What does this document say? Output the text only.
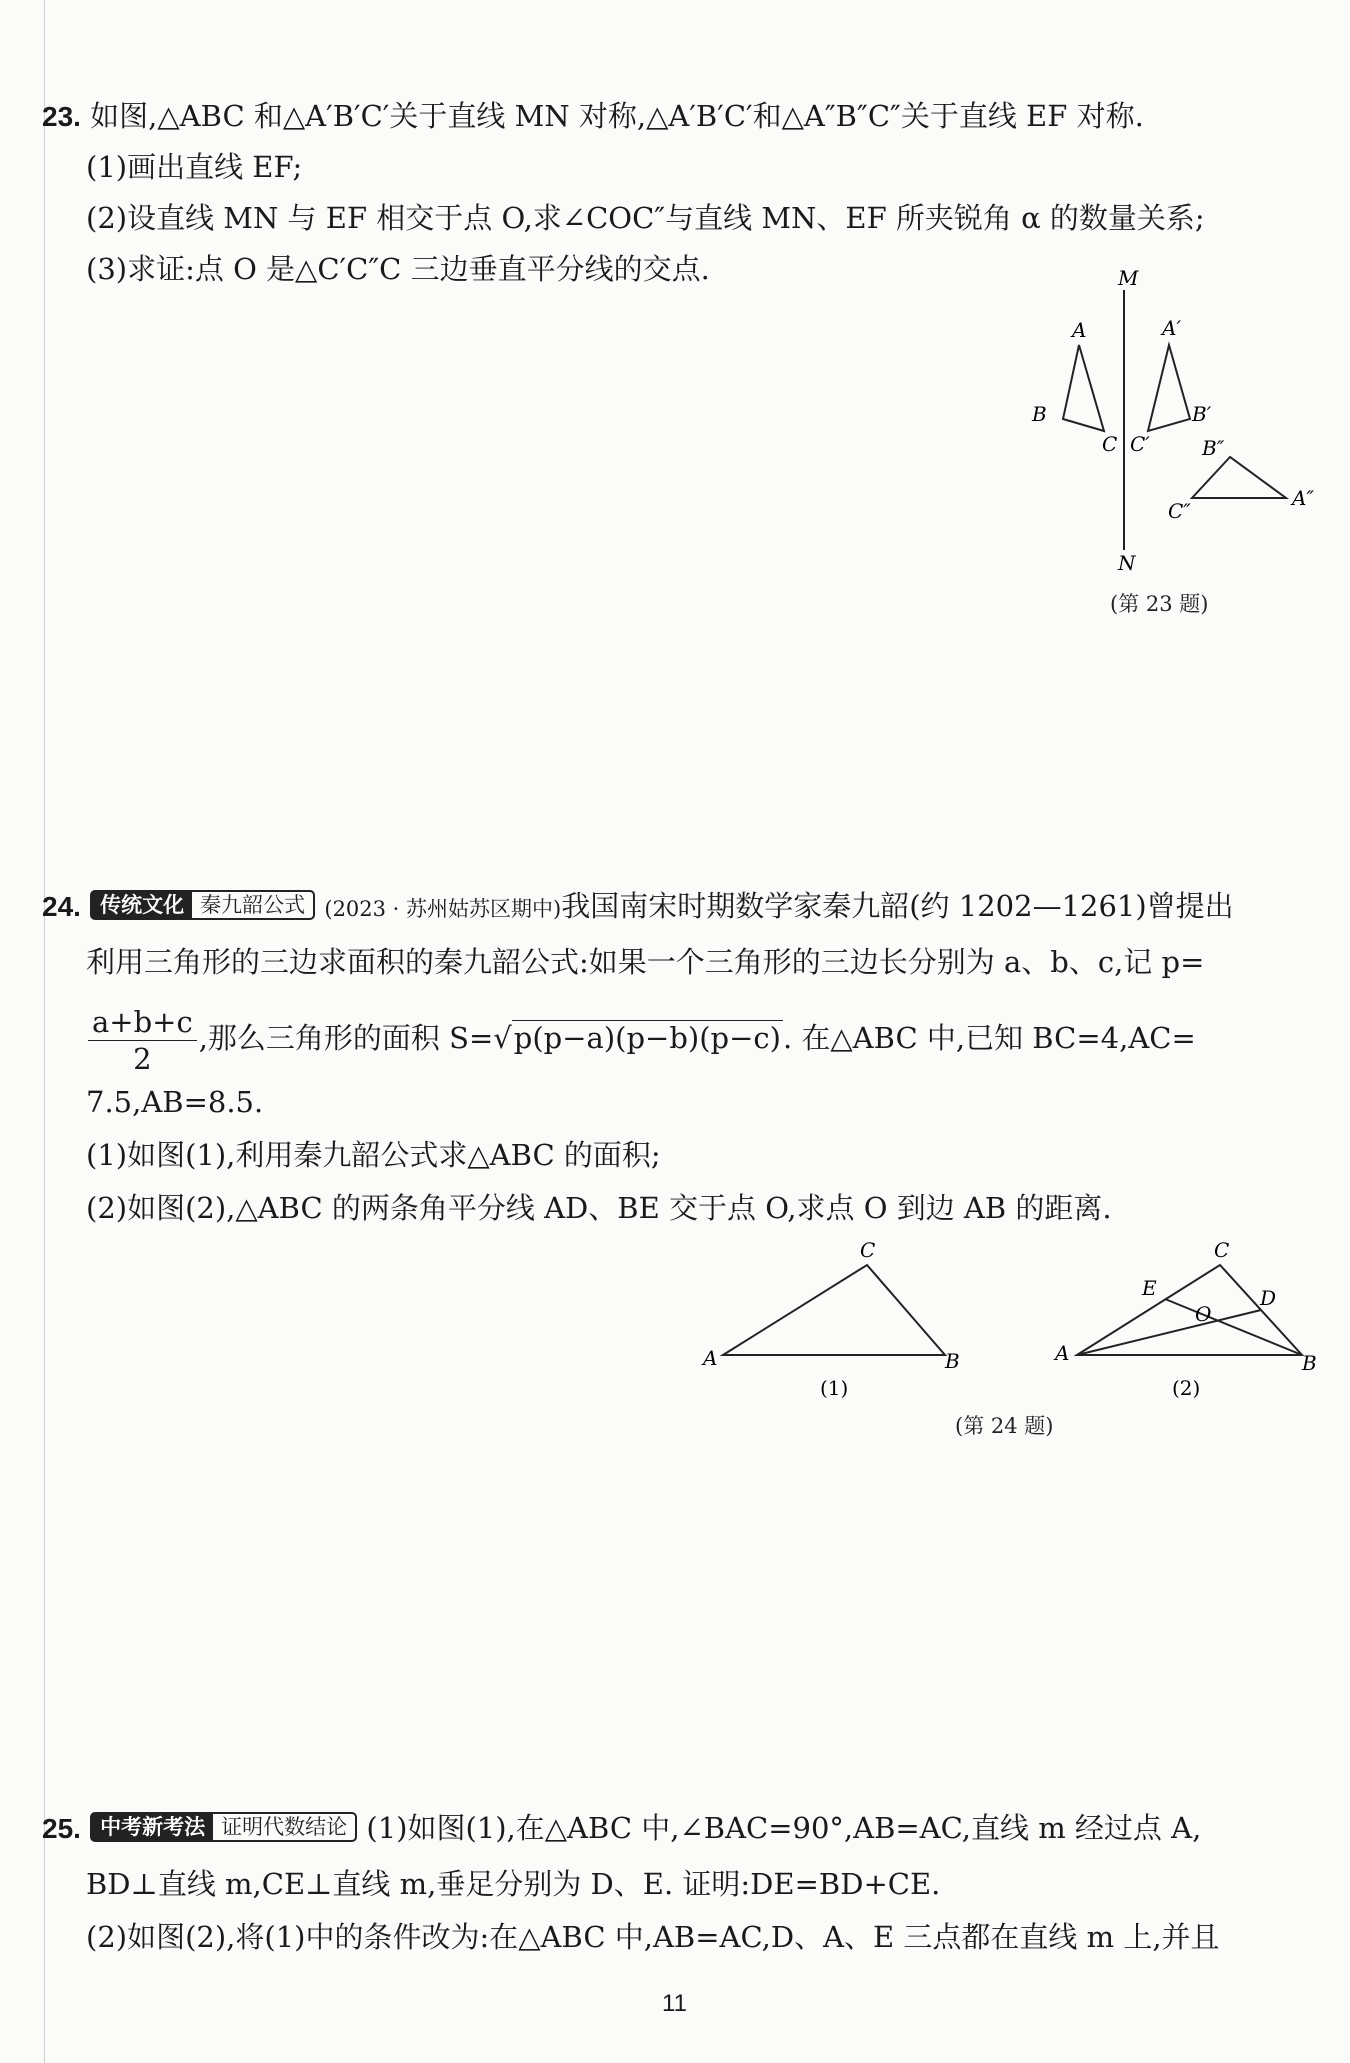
23. 如图,△ABC 和△A′B′C′关于直线 MN 对称,△A′B′C′和△A″B″C″关于直线 EF 对称.
(1)画出直线 EF;
(2)设直线 MN 与 EF 相交于点 O,求∠COC″与直线 MN、EF 所夹锐角 α 的数量关系;
(3)求证:点 O 是△C′C″C 三边垂直平分线的交点.	M
N
A
B
C
A′
B′
C′	B″
C″
A″
(第 23 题)
24. 传统文化 秦九韶公式 (2023 · 苏州姑苏区期中)我国南宋时期数学家秦九韶(约 1202—1261)曾提出
利用三角形的三边求面积的秦九韶公式:如果一个三角形的三边长分别为 a、b、c,记 p=
$\frac{a+b+c}{2}$ ,那么三角形的面积 S=√p(p−a)(p−b)(p−c). 在△ABC 中,已知 BC=4,AC=
7.5,AB=8.5.
(1)如图(1),利用秦九韶公式求△ABC 的面积;
(2)如图(2),△ABC 的两条角平分线 AD、BE 交于点 O,求点 O 到边 AB 的距离.
C
A	B
(1)
C
E
O
D
A	B
(2)
(第 24 题)
25. 中考新考法 证明代数结论 (1)如图(1),在△ABC 中,∠BAC=90°,AB=AC,直线 m 经过点 A,
BD⊥直线 m,CE⊥直线 m,垂足分别为 D、E. 证明:DE=BD+CE.
(2)如图(2),将(1)中的条件改为:在△ABC 中,AB=AC,D、A、E 三点都在直线 m 上,并且
11
